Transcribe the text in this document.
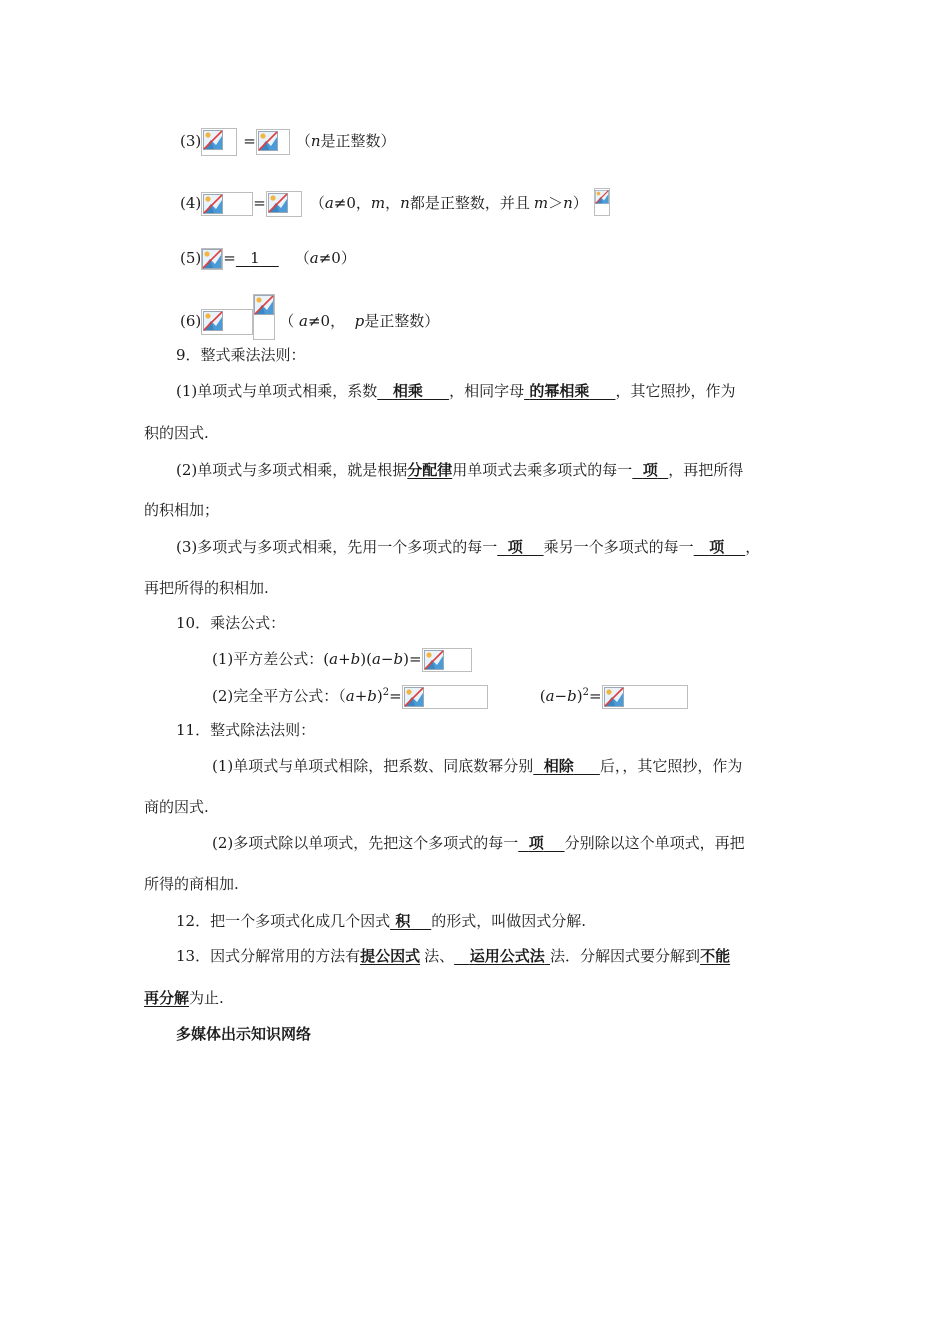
(3)	=	（n是正整数）
(4)	=	（a≠0，m，n都是正整数，并且 m＞n）
(5) = 1 （a≠0）
(6)	（ a≠0，  p是正整数）
9．整式乘法法则：
(1)单项式与单项式相乘，系数 相乘 ，相同字母 的幂相乘 ，其它照抄，作为
积的因式.
(2)单项式与多项式相乘，就是根据分配律用单项式去乘多项式的每一 项 ，再把所得
的积相加；
(3)多项式与多项式相乘，先用一个多项式的每一 项 乘另一个多项式的每一 项 ，
再把所得的积相加.
10．乘法公式：
(1)平方差公式：(a+b)(a−b)=
(2)完全平方公式：（a+b)$^2$=	$(a-b)^2=$
11．整式除法法则：
(1)单项式与单项式相除，把系数、同底数幂分别 相除 后，，其它照抄，作为
商的因式.
(2)多项式除以单项式，先把这个多项式的每一 项 分别除以这个单项式，再把
所得的商相加.
12．把一个多项式化成几个因式 积 的形式，叫做因式分解.
13．因式分解常用的方法有提公因式 法、 运用公式法 法．分解因式要分解到不能
再分解为止.
多媒体出示知识网络
